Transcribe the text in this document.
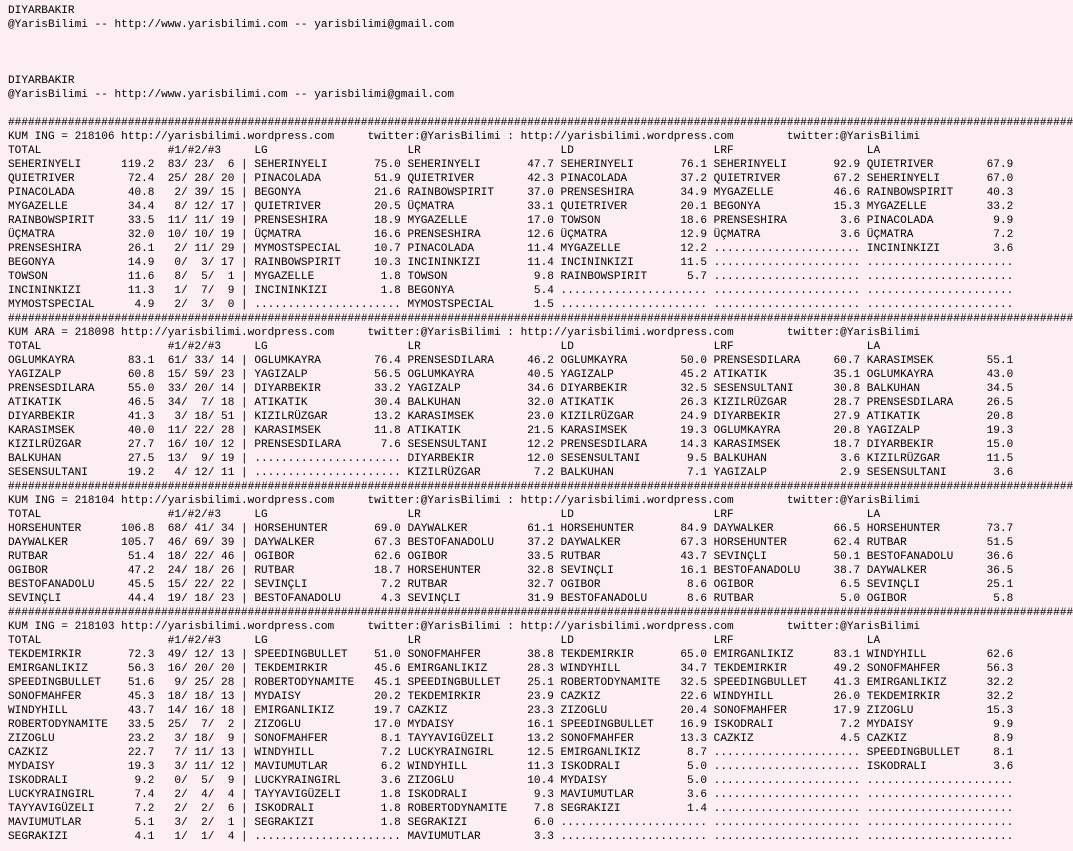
DIYARBAKIR
@YarisBilimi -- http://www.yarisbilimi.com -- yarisbilimi@gmail.com
DIYARBAKIR
@YarisBilimi -- http://www.yarisbilimi.com -- yarisbilimi@gmail.com
################################################################################################################################################################
KUM ING = 218106 http://yarisbilimi.wordpress.com     twitter:@YarisBilimi : http://yarisbilimi.wordpress.com        twitter:@YarisBilimi
TOTAL                   #1/#2/#3     LG                     LR                     LD                     LRF                    LA
SEHERINYELI      119.2  83/ 23/  6 | SEHERINYELI       75.0 SEHERINYELI       47.7 SEHERINYELI       76.1 SEHERINYELI       92.9 QUIETRIVER        67.9
QUIETRIVER        72.4  25/ 28/ 20 | PINACOLADA        51.9 QUIETRIVER        42.3 PINACOLADA        37.2 QUIETRIVER        67.2 SEHERINYELI       67.0
PINACOLADA        40.8   2/ 39/ 15 | BEGONYA           21.6 RAINBOWSPIRIT     37.0 PRENSESHIRA       34.9 MYGAZELLE         46.6 RAINBOWSPIRIT     40.3
MYGAZELLE         34.4   8/ 12/ 17 | QUIETRIVER        20.5 ÜÇMATRA           33.1 QUIETRIVER        20.1 BEGONYA           15.3 MYGAZELLE         33.2
RAINBOWSPIRIT     33.5  11/ 11/ 19 | PRENSESHIRA       18.9 MYGAZELLE         17.0 TOWSON            18.6 PRENSESHIRA        3.6 PINACOLADA         9.9
ÜÇMATRA           32.0  10/ 10/ 19 | ÜÇMATRA           16.6 PRENSESHIRA       12.6 ÜÇMATRA           12.9 ÜÇMATRA            3.6 ÜÇMATRA            7.2
PRENSESHIRA       26.1   2/ 11/ 29 | MYMOSTSPECIAL     10.7 PINACOLADA        11.4 MYGAZELLE         12.2 ...................... INCININKIZI        3.6
BEGONYA           14.9   0/  3/ 17 | RAINBOWSPIRIT     10.3 INCININKIZI       11.4 INCININKIZI       11.5 ...................... ......................
TOWSON            11.6   8/  5/  1 | MYGAZELLE          1.8 TOWSON             9.8 RAINBOWSPIRIT      5.7 ...................... ......................
INCININKIZI       11.3   1/  7/  9 | INCININKIZI        1.8 BEGONYA            5.4 ...................... ...................... ......................
MYMOSTSPECIAL      4.9   2/  3/  0 | ...................... MYMOSTSPECIAL      1.5 ...................... ...................... ......................
################################################################################################################################################################
KUM ARA = 218098 http://yarisbilimi.wordpress.com     twitter:@YarisBilimi : http://yarisbilimi.wordpress.com        twitter:@YarisBilimi
TOTAL                   #1/#2/#3     LG                     LR                     LD                     LRF                    LA
OGLUMKAYRA        83.1  61/ 33/ 14 | OGLUMKAYRA        76.4 PRENSESDILARA     46.2 OGLUMKAYRA        50.0 PRENSESDILARA     60.7 KARASIMSEK        55.1
YAGIZALP          60.8  15/ 59/ 23 | YAGIZALP          56.5 OGLUMKAYRA        40.5 YAGIZALP          45.2 ATIKATIK          35.1 OGLUMKAYRA        43.0
PRENSESDILARA     55.0  33/ 20/ 14 | DIYARBEKIR        33.2 YAGIZALP          34.6 DIYARBEKIR        32.5 SESENSULTANI      30.8 BALKUHAN          34.5
ATIKATIK          46.5  34/  7/ 18 | ATIKATIK          30.4 BALKUHAN          32.0 ATIKATIK          26.3 KIZILRÜZGAR       28.7 PRENSESDILARA     26.5
DIYARBEKIR        41.3   3/ 18/ 51 | KIZILRÜZGAR       13.2 KARASIMSEK        23.0 KIZILRÜZGAR       24.9 DIYARBEKIR        27.9 ATIKATIK          20.8
KARASIMSEK        40.0  11/ 22/ 28 | KARASIMSEK        11.8 ATIKATIK          21.5 KARASIMSEK        19.3 OGLUMKAYRA        20.8 YAGIZALP          19.3
KIZILRÜZGAR       27.7  16/ 10/ 12 | PRENSESDILARA      7.6 SESENSULTANI      12.2 PRENSESDILARA     14.3 KARASIMSEK        18.7 DIYARBEKIR        15.0
BALKUHAN          27.5  13/  9/ 19 | ...................... DIYARBEKIR        12.0 SESENSULTANI       9.5 BALKUHAN           3.6 KIZILRÜZGAR       11.5
SESENSULTANI      19.2   4/ 12/ 11 | ...................... KIZILRÜZGAR        7.2 BALKUHAN           7.1 YAGIZALP           2.9 SESENSULTANI       3.6
################################################################################################################################################################
KUM ING = 218104 http://yarisbilimi.wordpress.com     twitter:@YarisBilimi : http://yarisbilimi.wordpress.com        twitter:@YarisBilimi
TOTAL                   #1/#2/#3     LG                     LR                     LD                     LRF                    LA
HORSEHUNTER      106.8  68/ 41/ 34 | HORSEHUNTER       69.0 DAYWALKER         61.1 HORSEHUNTER       84.9 DAYWALKER         66.5 HORSEHUNTER       73.7
DAYWALKER        105.7  46/ 69/ 39 | DAYWALKER         67.3 BESTOFANADOLU     37.2 DAYWALKER         67.3 HORSEHUNTER       62.4 RUTBAR            51.5
RUTBAR            51.4  18/ 22/ 46 | OGIBOR            62.6 OGIBOR            33.5 RUTBAR            43.7 SEVINÇLI          50.1 BESTOFANADOLU     36.6
OGIBOR            47.2  24/ 18/ 26 | RUTBAR            18.7 HORSEHUNTER       32.8 SEVINÇLI          16.1 BESTOFANADOLU     38.7 DAYWALKER         36.5
BESTOFANADOLU     45.5  15/ 22/ 22 | SEVINÇLI           7.2 RUTBAR            32.7 OGIBOR             8.6 OGIBOR             6.5 SEVINÇLI          25.1
SEVINÇLI          44.4  19/ 18/ 23 | BESTOFANADOLU      4.3 SEVINÇLI          31.9 BESTOFANADOLU      8.6 RUTBAR             5.0 OGIBOR             5.8
################################################################################################################################################################
KUM ING = 218103 http://yarisbilimi.wordpress.com     twitter:@YarisBilimi : http://yarisbilimi.wordpress.com        twitter:@YarisBilimi
TOTAL                   #1/#2/#3     LG                     LR                     LD                     LRF                    LA
TEKDEMIRKIR       72.3  49/ 12/ 13 | SPEEDINGBULLET    51.0 SONOFMAHFER       38.8 TEKDEMIRKIR       65.0 EMIRGANLIKIZ      83.1 WINDYHILL         62.6
EMIRGANLIKIZ      56.3  16/ 20/ 20 | TEKDEMIRKIR       45.6 EMIRGANLIKIZ      28.3 WINDYHILL         34.7 TEKDEMIRKIR       49.2 SONOFMAHFER       56.3
SPEEDINGBULLET    51.6   9/ 25/ 28 | ROBERTODYNAMITE   45.1 SPEEDINGBULLET    25.1 ROBERTODYNAMITE   32.5 SPEEDINGBULLET    41.3 EMIRGANLIKIZ      32.2
SONOFMAHFER       45.3  18/ 18/ 13 | MYDAISY           20.2 TEKDEMIRKIR       23.9 CAZKIZ            22.6 WINDYHILL         26.0 TEKDEMIRKIR       32.2
WINDYHILL         43.7  14/ 16/ 18 | EMIRGANLIKIZ      19.7 CAZKIZ            23.3 ZIZOGLU           20.4 SONOFMAHFER       17.9 ZIZOGLU           15.3
ROBERTODYNAMITE   33.5  25/  7/  2 | ZIZOGLU           17.0 MYDAISY           16.1 SPEEDINGBULLET    16.9 ISKODRALI          7.2 MYDAISY            9.9
ZIZOGLU           23.2   3/ 18/  9 | SONOFMAHFER        8.1 TAYYAVIGÜZELI     13.2 SONOFMAHFER       13.3 CAZKIZ             4.5 CAZKIZ             8.9
CAZKIZ            22.7   7/ 11/ 13 | WINDYHILL          7.2 LUCKYRAINGIRL     12.5 EMIRGANLIKIZ       8.7 ...................... SPEEDINGBULLET     8.1
MYDAISY           19.3   3/ 11/ 12 | MAVIUMUTLAR        6.2 WINDYHILL         11.3 ISKODRALI          5.0 ...................... ISKODRALI          3.6
ISKODRALI          9.2   0/  5/  9 | LUCKYRAINGIRL      3.6 ZIZOGLU           10.4 MYDAISY            5.0 ...................... ......................
LUCKYRAINGIRL      7.4   2/  4/  4 | TAYYAVIGÜZELI      1.8 ISKODRALI          9.3 MAVIUMUTLAR        3.6 ...................... ......................
TAYYAVIGÜZELI      7.2   2/  2/  6 | ISKODRALI          1.8 ROBERTODYNAMITE    7.8 SEGRAKIZI          1.4 ...................... ......................
MAVIUMUTLAR        5.1   3/  2/  1 | SEGRAKIZI          1.8 SEGRAKIZI          6.0 ...................... ...................... ......................
SEGRAKIZI          4.1   1/  1/  4 | ...................... MAVIUMUTLAR        3.3 ...................... ...................... ......................
